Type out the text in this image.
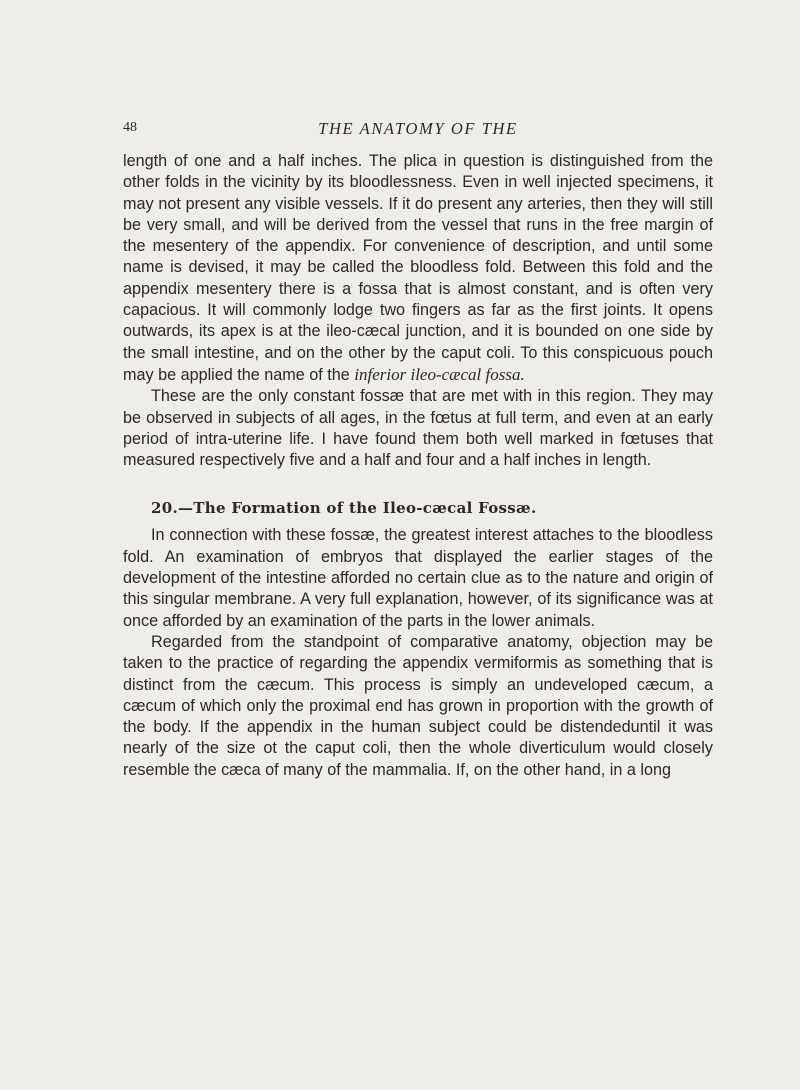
48	THE ANATOMY OF THE

length of one and a half inches. The plica in question is distinguished from the other folds in the vicinity by its bloodlessness. Even in well injected specimens, it may not present any visible vessels. If it do present any arteries, then they will still be very small, and will be derived from the vessel that runs in the free margin of the mesentery of the appendix. For convenience of description, and until some name is devised, it may be called the bloodless fold. Between this fold and the appendix mesentery there is a fossa that is almost constant, and is often very capacious. It will commonly lodge two fingers as far as the first joints. It opens outwards, its apex is at the ileo-cæcal junction, and it is bounded on one side by the small intestine, and on the other by the caput coli. To this conspicuous pouch may be applied the name of the inferior ileo-cæcal fossa.

These are the only constant fossæ that are met with in this region. They may be observed in subjects of all ages, in the fœtus at full term, and even at an early period of intra-uterine life. I have found them both well marked in fœtuses that measured respectively five and a half and four and a half inches in length.

20.—The Formation of the Ileo-cæcal Fossæ.

In connection with these fossæ, the greatest interest attaches to the bloodless fold. An examination of embryos that displayed the earlier stages of the development of the intestine afforded no certain clue as to the nature and origin of this singular membrane. A very full explanation, however, of its significance was at once afforded by an examination of the parts in the lower animals.

Regarded from the standpoint of comparative anatomy, objection may be taken to the practice of regarding the appendix vermiformis as something that is distinct from the cæcum. This process is simply an undeveloped cæcum, a cæcum of which only the proximal end has grown in proportion with the growth of the body. If the appendix in the human subject could be distendeduntil it was nearly of the size ot the caput coli, then the whole diverticulum would closely resemble the cæca of many of the mammalia. If, on the other hand, in a long
